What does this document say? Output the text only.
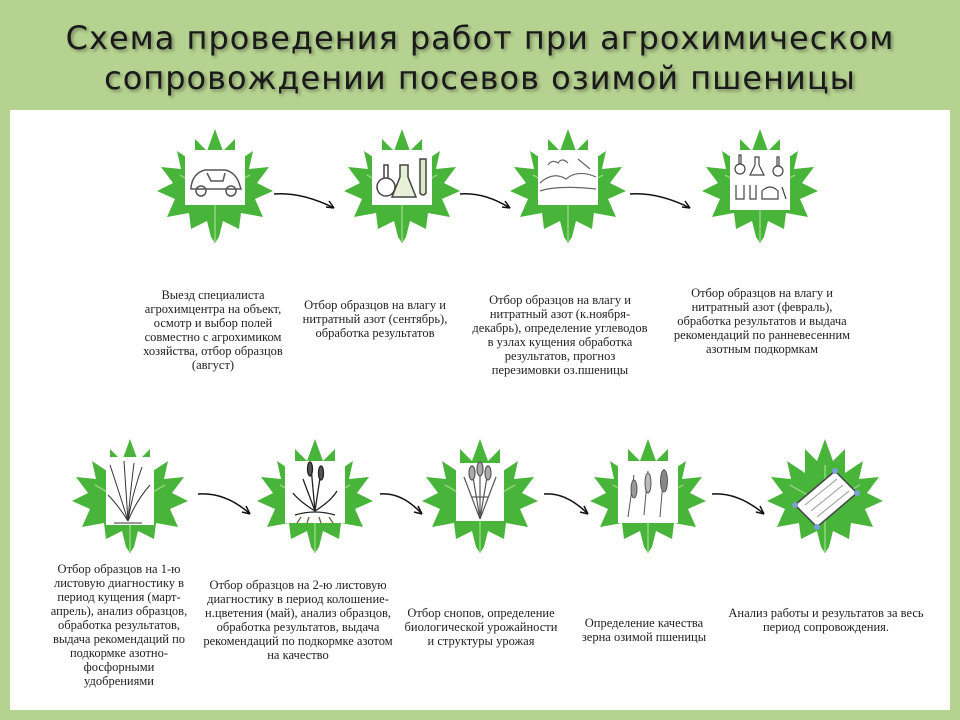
Схема проведения работ при агрохимическом
сопровождении посевов озимой пшеницы
Выезд специалиста агрохимцентра на объект, осмотр и выбор полей совместно с агрохимиком хозяйства, отбор образцов (август)
Отбор образцов на влагу и нитратный азот (сентябрь), обработка результатов
Отбор образцов на влагу и нитратный азот (к.ноября-декабрь), определение углеводов в узлах кущения обработка результатов, прогноз перезимовки оз.пшеницы
Отбор образцов на влагу и нитратный азот (февраль), обработка результатов и выдача рекомендаций по ранневесенним азотным подкормкам
Отбор образцов на 1-ю листовую диагностику в период кущения (март-апрель), анализ образцов, обработка результатов, выдача рекомендаций по подкормке азотно-фосфорными удобрениями
Отбор образцов на 2-ю листовую диагностику в период колошение-н.цветения (май), анализ образцов, обработка результатов, выдача рекомендаций по подкормке азотом на качество
Отбор снопов, определение биологической урожайности и структуры урожая
Определение качества зерна озимой пшеницы
Анализ работы и результатов за весь период сопровождения.
